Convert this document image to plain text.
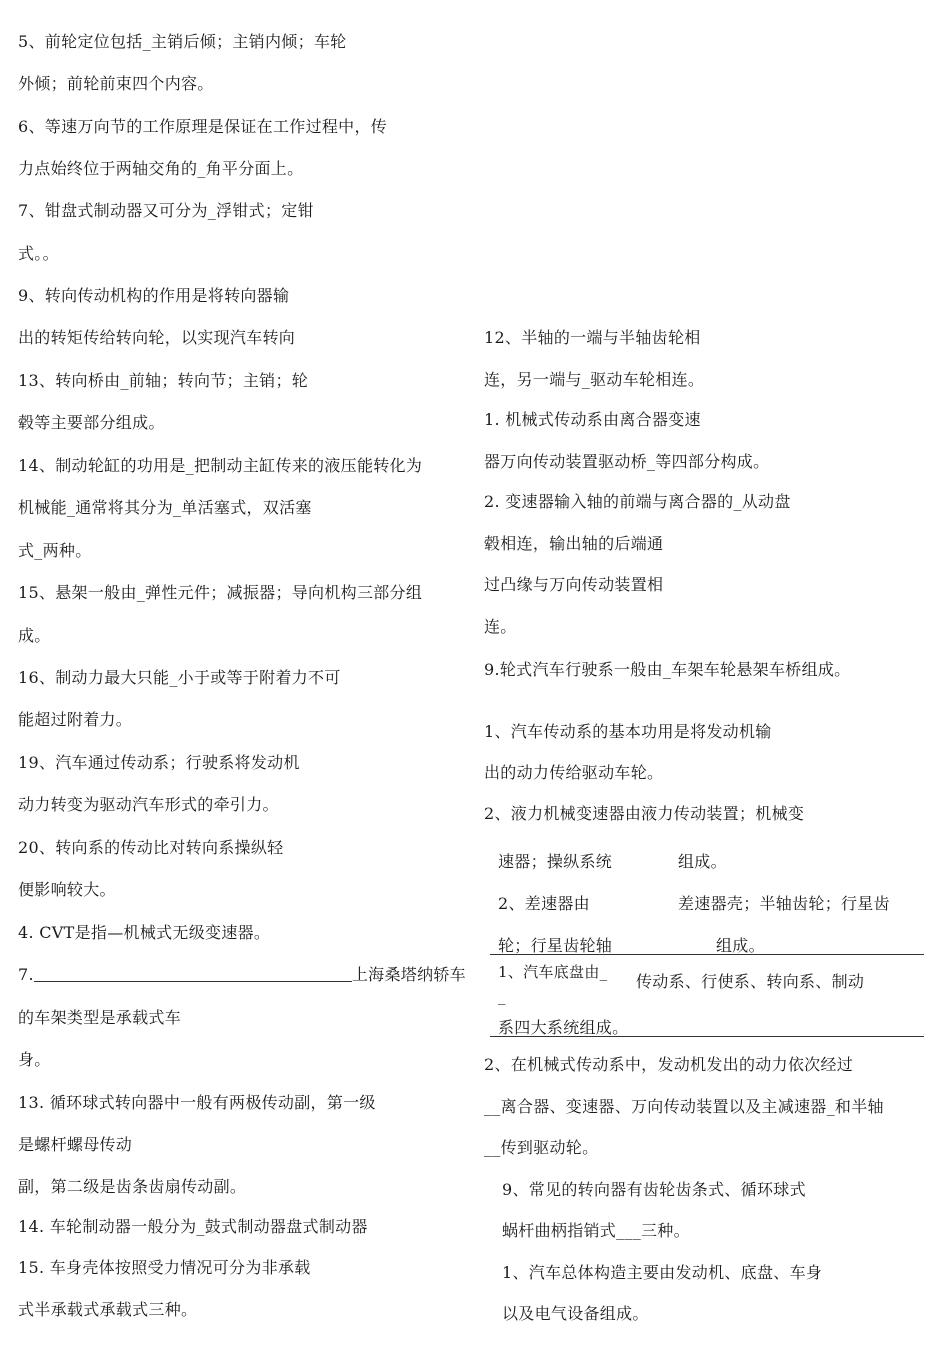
5、前轮定位包括_主销后倾；主销内倾；车轮
外倾；前轮前束四个内容。
6、等速万向节的工作原理是保证在工作过程中，传
力点始终位于两轴交角的_角平分面上。
7、钳盘式制动器又可分为_浮钳式；定钳
式。。
9、转向传动机构的作用是将转向器输
出的转矩传给转向轮，以实现汽车转向
13、转向桥由_前轴；转向节；主销；轮
毂等主要部分组成。
14、制动轮缸的功用是_把制动主缸传来的液压能转化为
机械能_通常将其分为_单活塞式，双活塞
式_两种。
15、悬架一般由_弹性元件；减振器；导向机构三部分组
成。
16、制动力最大只能_小于或等于附着力不可
能超过附着力。
19、汽车通过传动系；行驶系将发动机
动力转变为驱动汽车形式的牵引力。
20、转向系的传动比对转向系操纵轻
便影响较大。
4. CVT是指—机械式无级变速器。
7.	上海桑塔纳轿车
的车架类型是承载式车
身。
13. 循环球式转向器中一般有两极传动副，第一级
是螺杆螺母传动
副，第二级是齿条齿扇传动副。
14. 车轮制动器一般分为_鼓式制动器盘式制动器
15. 车身壳体按照受力情况可分为非承载
式半承载式承载式三种。
12、半轴的一端与半轴齿轮相
连，另一端与_驱动车轮相连。
1. 机械式传动系由离合器变速
器万向传动装置驱动桥_等四部分构成。
2. 变速器输入轴的前端与离合器的_从动盘
毂相连，输出轴的后端通
过凸缘与万向传动装置相
连。
9.轮式汽车行驶系一般由_车架车轮悬架车桥组成。
1、汽车传动系的基本功用是将发动机输
出的动力传给驱动车轮。
2、液力机械变速器由液力传动装置；机械变
速器；操纵系统	组成。
2、差速器由	差速器壳；半轴齿轮；行星齿
轮；行星齿轮轴	组成。
1、汽车底盘由_
_
传动系、行使系、转向系、制动
系四大系统组成。
2、在机械式传动系中，发动机发出的动力依次经过
__离合器、变速器、万向传动装置以及主减速器_和半轴
__传到驱动轮。
9、常见的转向器有齿轮齿条式、循环球式
蜗杆曲柄指销式___三种。
1、汽车总体构造主要由发动机、底盘、车身
以及电气设备组成。
